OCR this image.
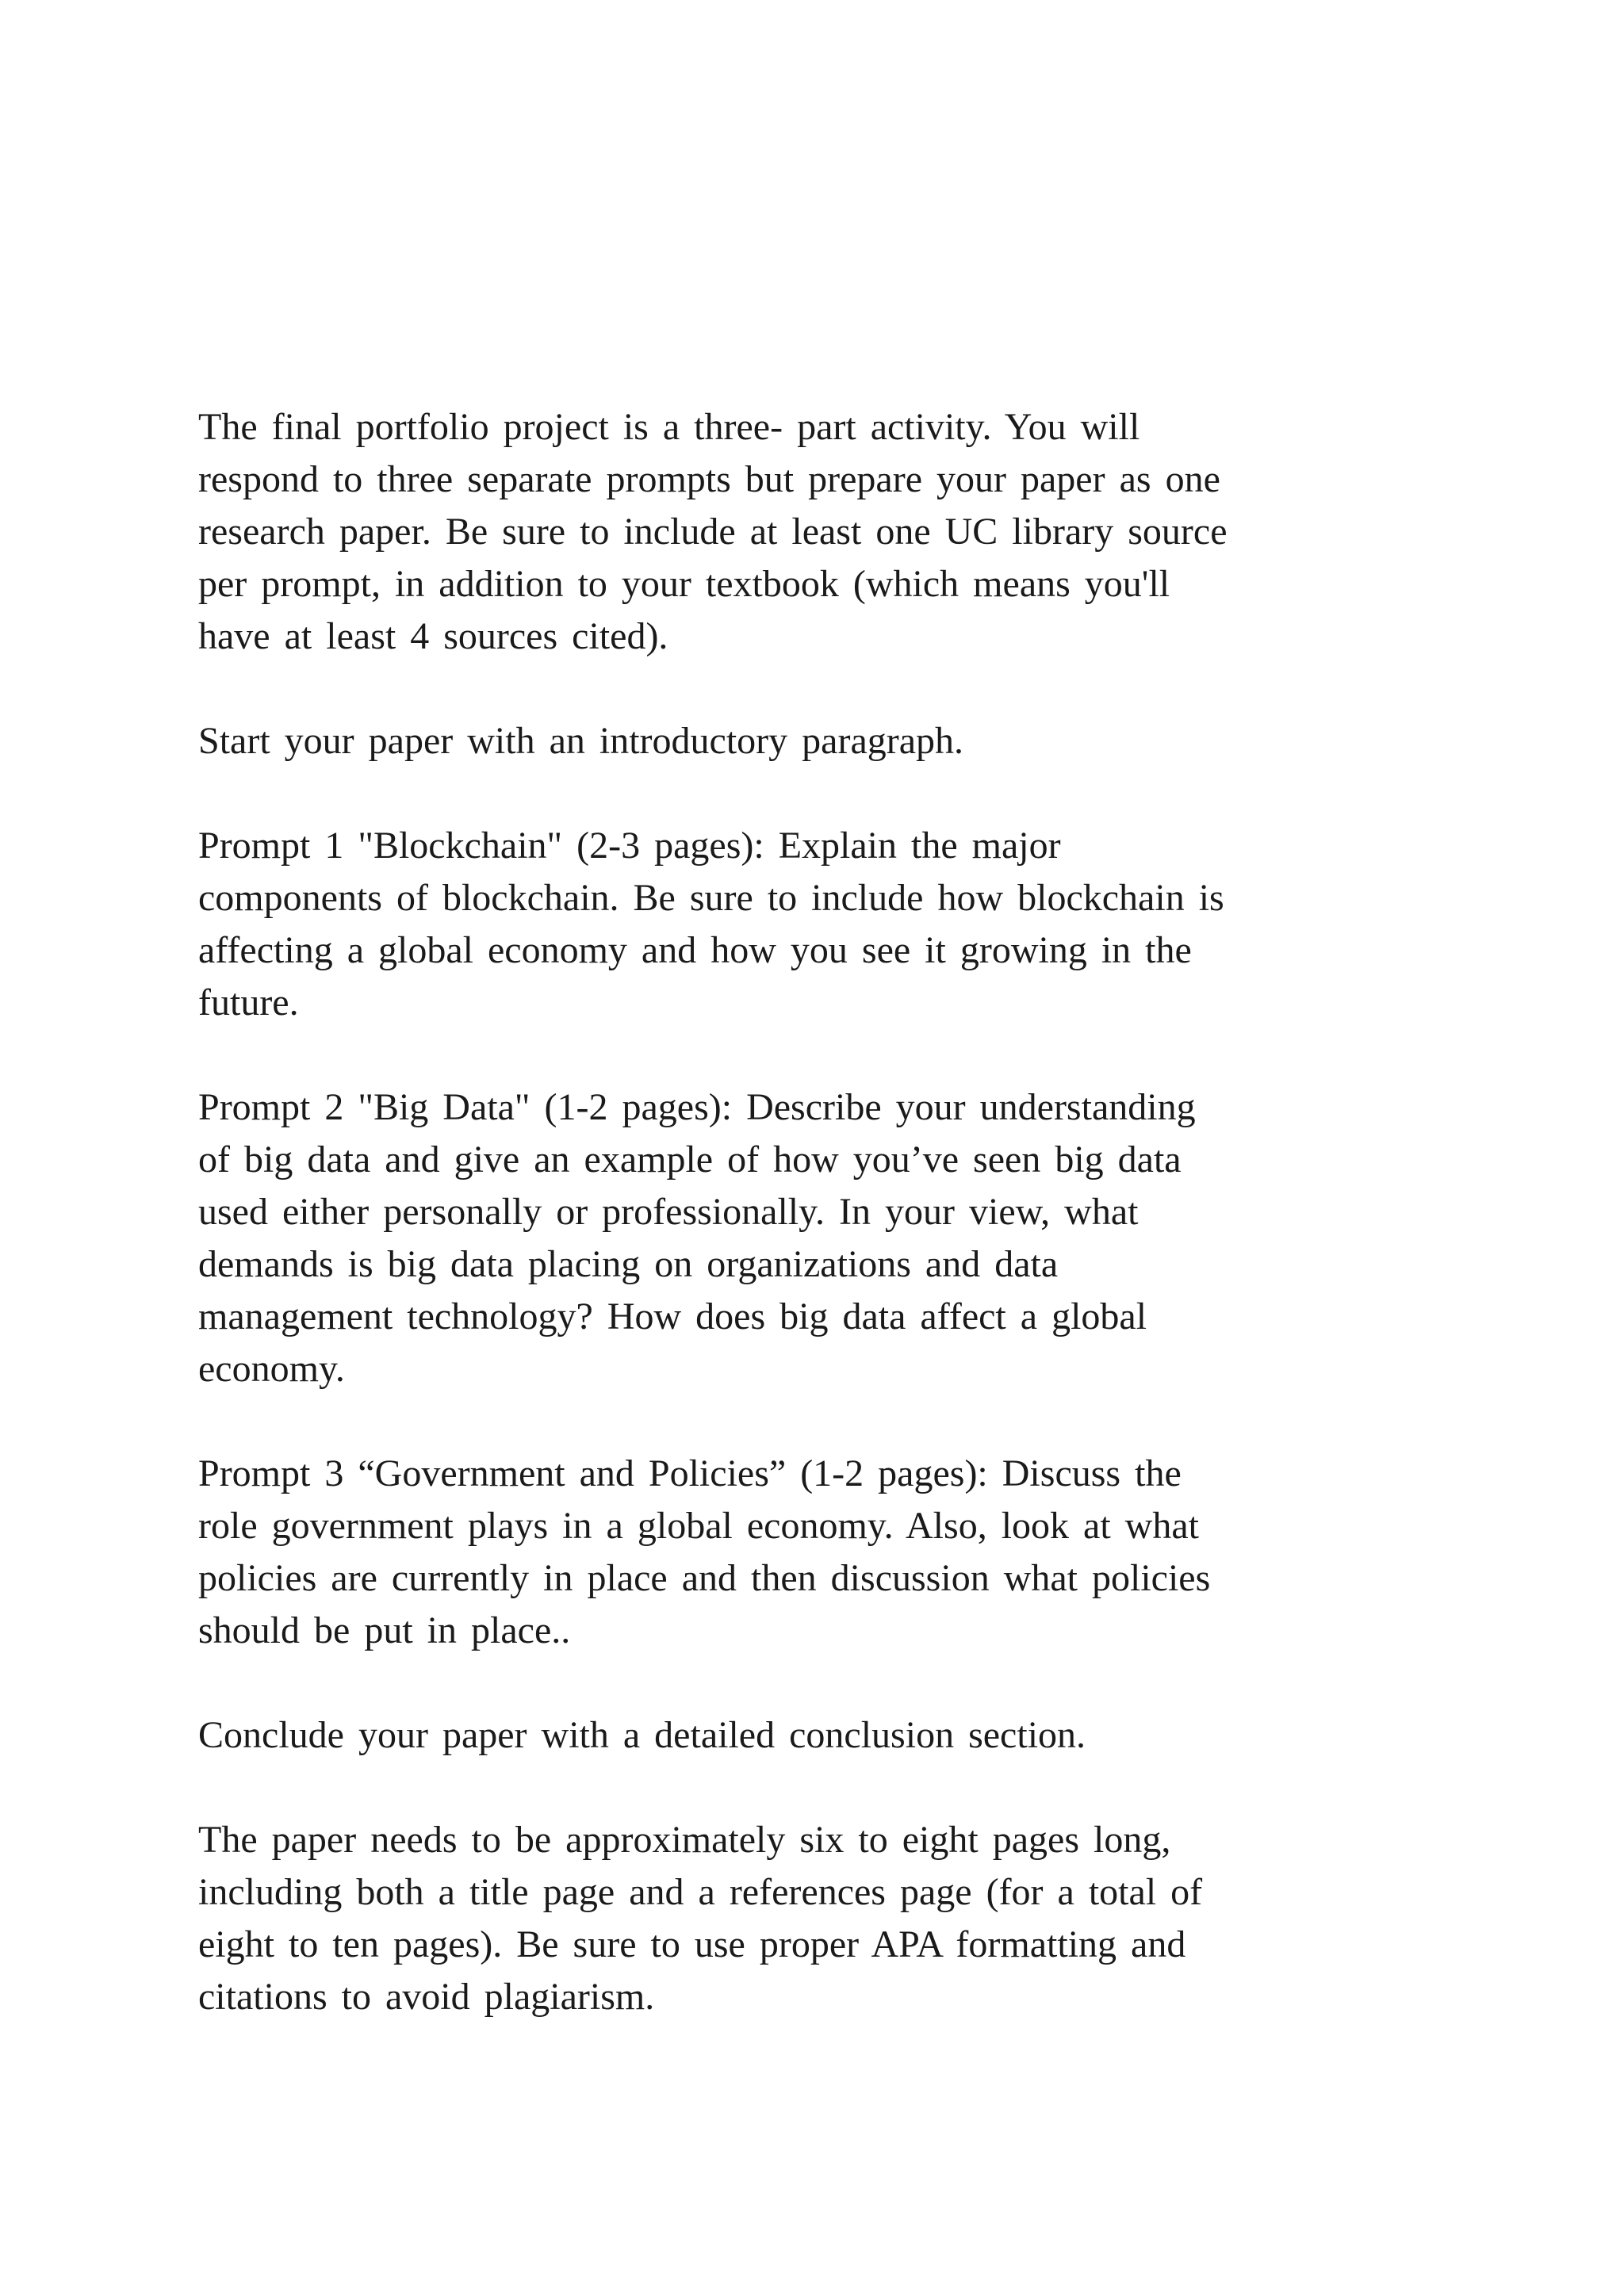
The final portfolio project is a three- part activity. You will
respond to three separate prompts but prepare your paper as one
research paper. Be sure to include at least one UC library source
per prompt, in addition to your textbook (which means you'll
have at least 4 sources cited).

Start your paper with an introductory paragraph.

Prompt 1 "Blockchain" (2-3 pages): Explain the major
components of blockchain. Be sure to include how blockchain is
affecting a global economy and how you see it growing in the
future.

Prompt 2 "Big Data" (1-2 pages): Describe your understanding
of big data and give an example of how you’ve seen big data
used either personally or professionally. In your view, what
demands is big data placing on organizations and data
management technology? How does big data affect a global
economy.

Prompt 3 “Government and Policies” (1-2 pages): Discuss the
role government plays in a global economy. Also, look at what
policies are currently in place and then discussion what policies
should be put in place..

Conclude your paper with a detailed conclusion section.

The paper needs to be approximately six to eight pages long,
including both a title page and a references page (for a total of
eight to ten pages). Be sure to use proper APA formatting and
citations to avoid plagiarism.
